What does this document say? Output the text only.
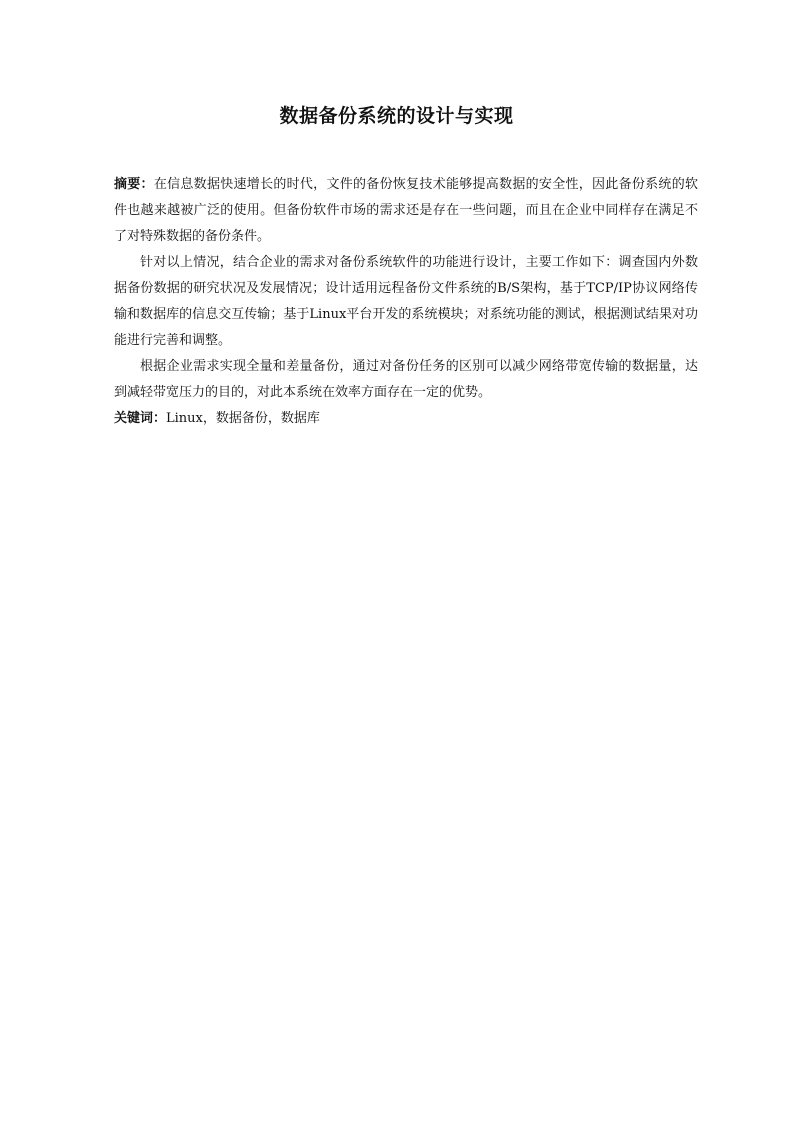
数据备份系统的设计与实现

摘要：在信息数据快速增长的时代，文件的备份恢复技术能够提高数据的安全性，因此备份系统的软件也越来越被广泛的使用。但备份软件市场的需求还是存在一些问题，而且在企业中同样存在满足不了对特殊数据的备份条件。

针对以上情况，结合企业的需求对备份系统软件的功能进行设计，主要工作如下：调查国内外数据备份数据的研究状况及发展情况；设计适用远程备份文件系统的B/S架构，基于TCP/IP协议网络传输和数据库的信息交互传输；基于Linux平台开发的系统模块；对系统功能的测试，根据测试结果对功能进行完善和调整。

根据企业需求实现全量和差量备份，通过对备份任务的区别可以减少网络带宽传输的数据量，达到减轻带宽压力的目的，对此本系统在效率方面存在一定的优势。

关键词：Linux，数据备份，数据库
